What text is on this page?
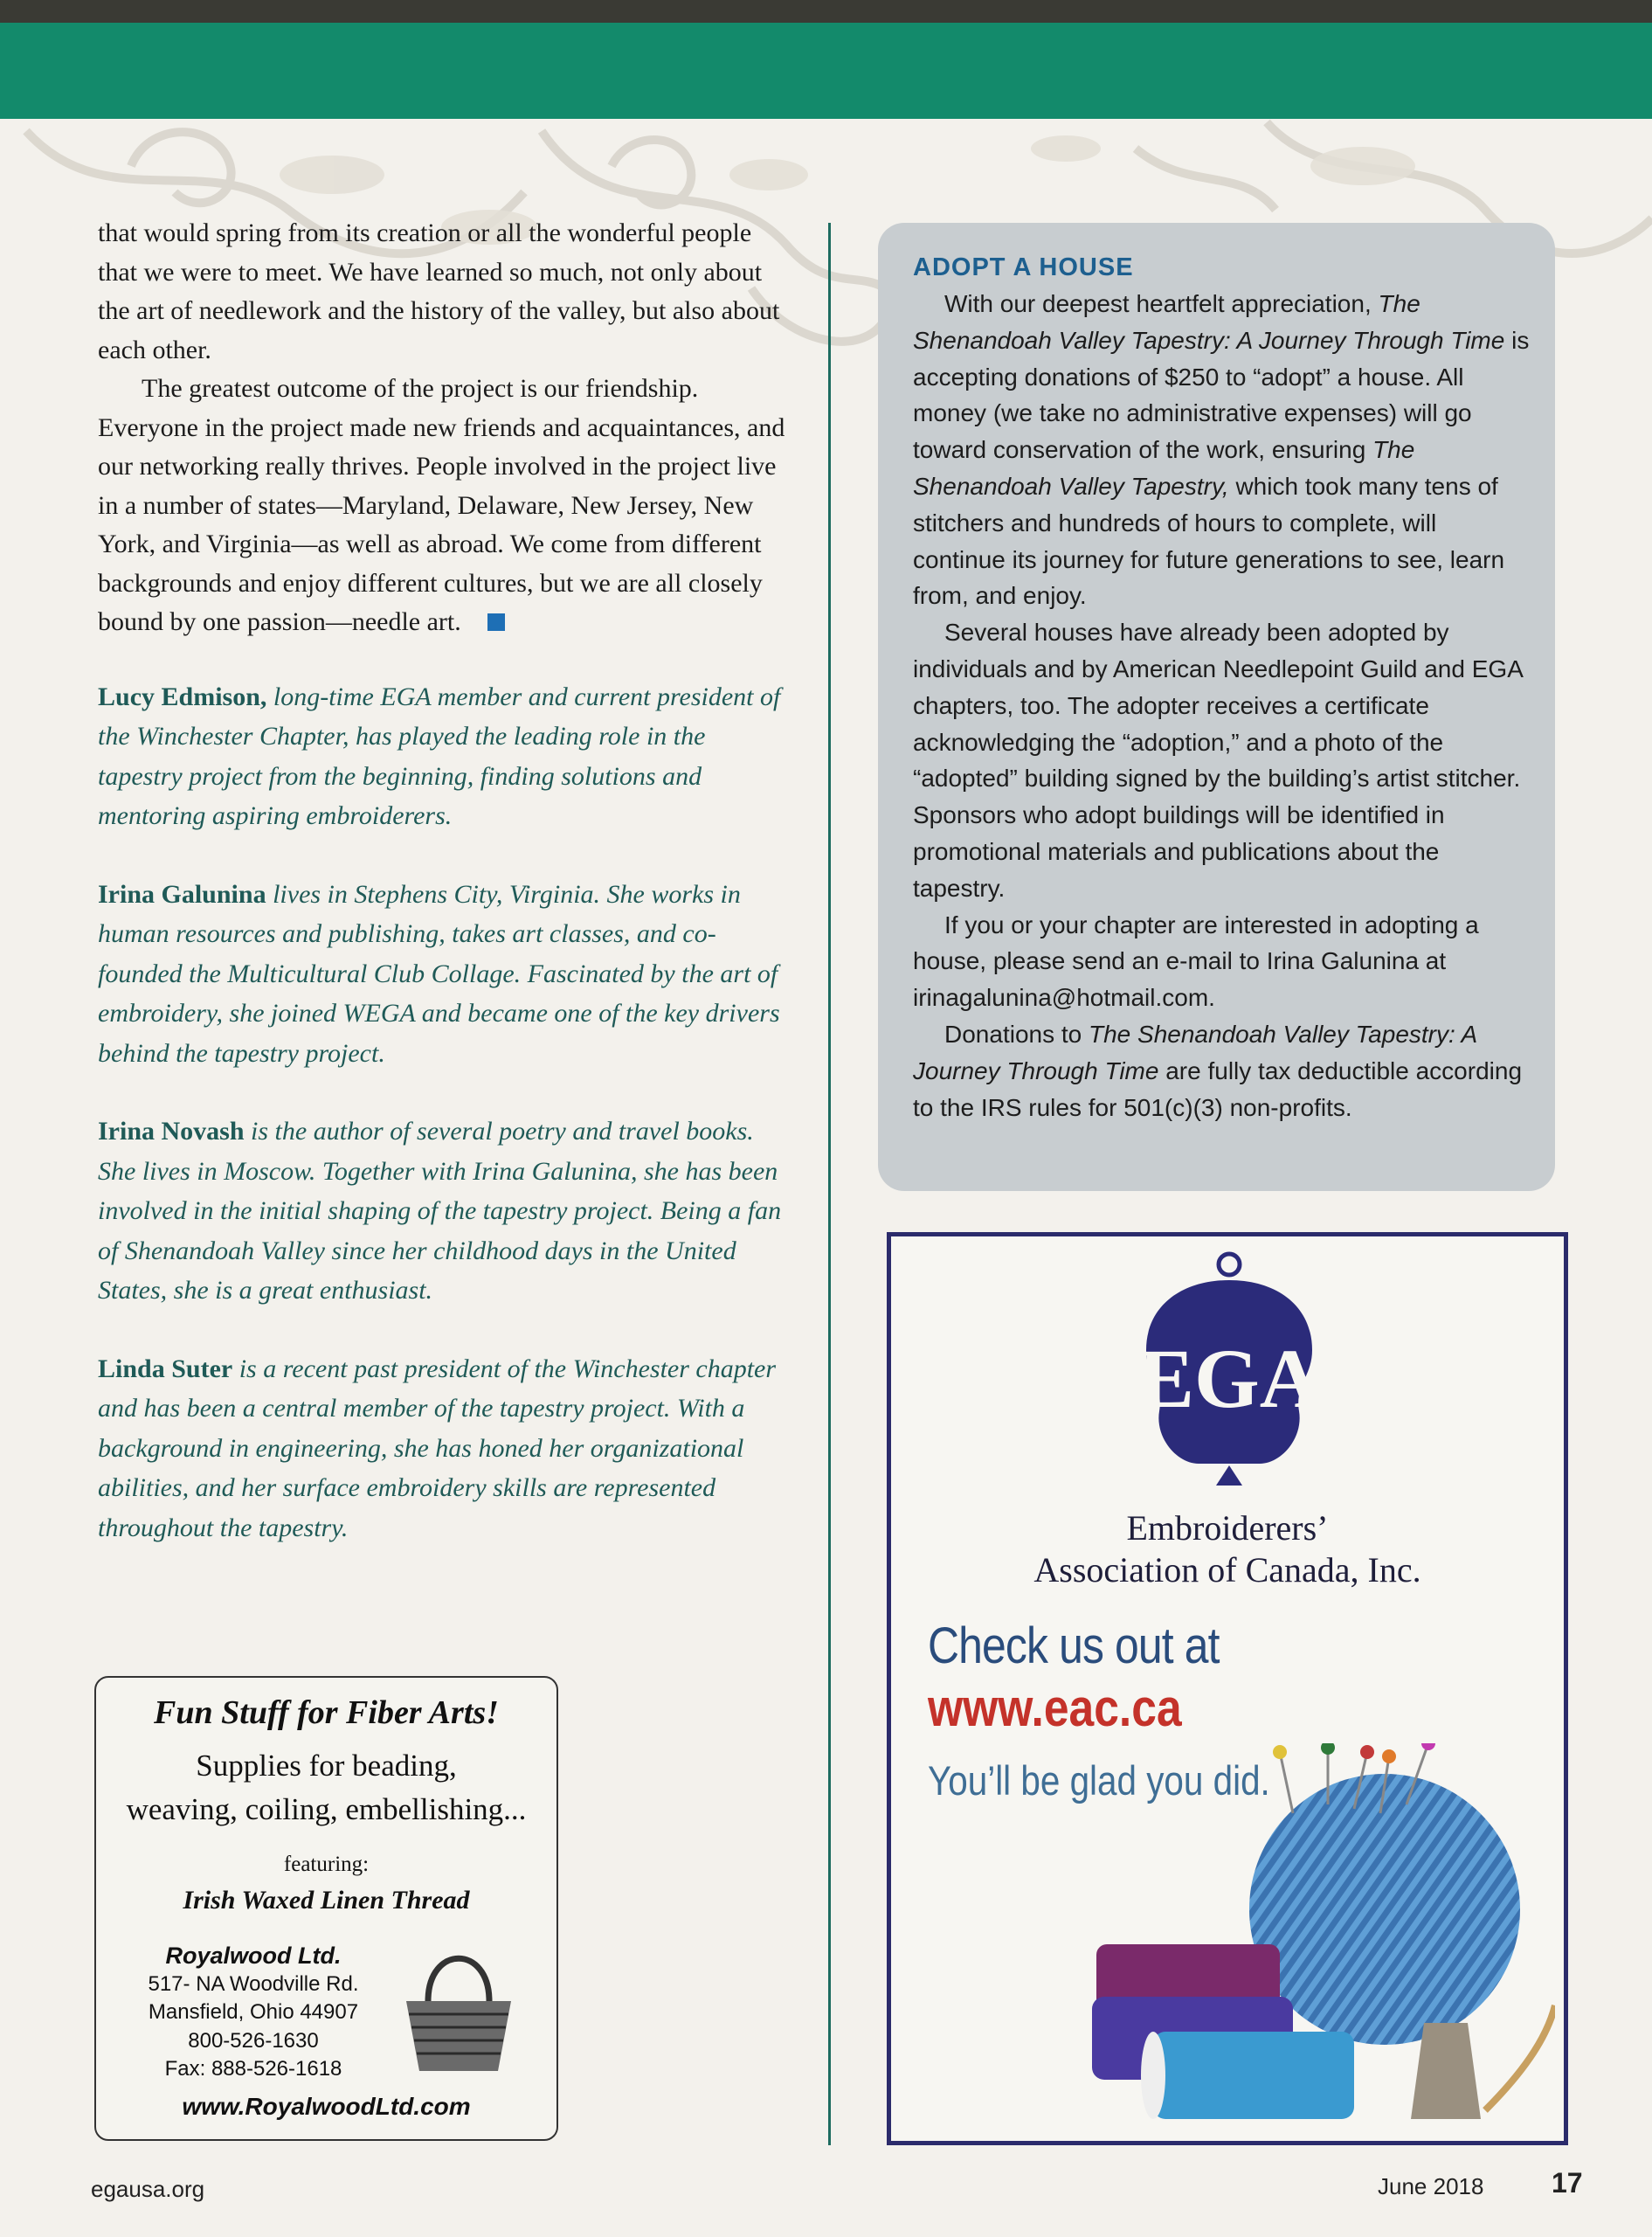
that would spring from its creation or all the wonderful people that we were to meet. We have learned so much, not only about the art of needlework and the history of the valley, but also about each other.

The greatest outcome of the project is our friendship. Everyone in the project made new friends and acquaintances, and our networking really thrives. People involved in the project live in a number of states—Maryland, Delaware, New Jersey, New York, and Virginia—as well as abroad. We come from different backgrounds and enjoy different cultures, but we are all closely bound by one passion—needle art.

Lucy Edmison, long-time EGA member and current president of the Winchester Chapter, has played the leading role in the tapestry project from the beginning, finding solutions and mentoring aspiring embroiderers.

Irina Galunina lives in Stephens City, Virginia. She works in human resources and publishing, takes art classes, and co-founded the Multicultural Club Collage. Fascinated by the art of embroidery, she joined WEGA and became one of the key drivers behind the tapestry project.

Irina Novash is the author of several poetry and travel books. She lives in Moscow. Together with Irina Galunina, she has been involved in the initial shaping of the tapestry project. Being a fan of Shenandoah Valley since her childhood days in the United States, she is a great enthusiast.

Linda Suter is a recent past president of the Winchester chapter and has been a central member of the tapestry project. With a background in engineering, she has honed her organizational abilities, and her surface embroidery skills are represented throughout the tapestry.

ADOPT A HOUSE

With our deepest heartfelt appreciation, The Shenandoah Valley Tapestry: A Journey Through Time is accepting donations of $250 to “adopt” a house. All money (we take no administrative expenses) will go toward conservation of the work, ensuring The Shenandoah Valley Tapestry, which took many tens of stitchers and hundreds of hours to complete, will continue its journey for future generations to see, learn from, and enjoy.

Several houses have already been adopted by individuals and by American Needlepoint Guild and EGA chapters, too. The adopter receives a certificate acknowledging the “adoption,” and a photo of the “adopted” building signed by the building’s artist stitcher. Sponsors who adopt buildings will be identified in promotional materials and publications about the tapestry.

If you or your chapter are interested in adopting a house, please send an e-mail to Irina Galunina at irinagalunina@hotmail.com.

Donations to The Shenandoah Valley Tapestry: A Journey Through Time are fully tax deductible according to the IRS rules for 501(c)(3) non-profits.

EGA
Embroiderers’
Association of Canada, Inc.
Check us out at
www.eac.ca
You’ll be glad you did.
Fun Stuff for Fiber Arts!
Supplies for beading,
weaving, coiling, embellishing...
featuring:
Irish Waxed Linen Thread
Royalwood Ltd.
517- NA Woodville Rd.
Mansfield, Ohio 44907
800-526-1630
Fax: 888-526-1618
www.RoyalwoodLtd.com
egausa.org	June 2018 17
